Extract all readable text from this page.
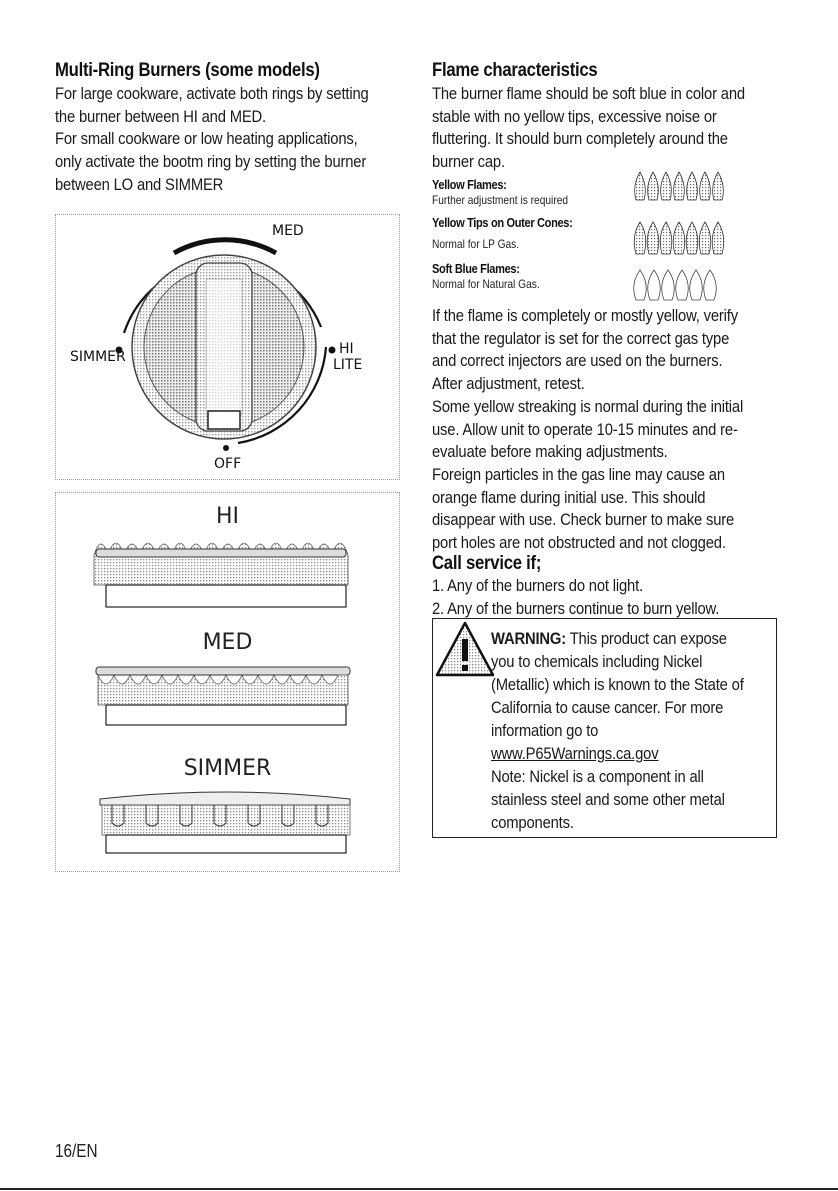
Multi-Ring Burners (some models)

For large cookware, activate both rings by setting

the burner between HI and MED.

For small cookware or low heating applications,

only activate the bootm ring by setting the burner

between LO and SIMMER

MED
SIMMER	HI
LITE
OFF
HI
MED
SIMMER
Flame characteristics

The burner flame should be soft blue in color and

stable with no yellow tips, excessive noise or

fluttering. It should burn completely around the

burner cap.

Yellow Flames:
Further adjustment is required
Yellow Tips on Outer Cones:
Normal for LP Gas.
Soft Blue Flames:
Normal for Natural Gas.

If the flame is completely or mostly yellow, verify

that the regulator is set for the correct gas type

and correct injectors are used on the burners.

After adjustment, retest.

Some yellow streaking is normal during the initial

use. Allow unit to operate 10-15 minutes and re-

evaluate before making adjustments.

Foreign particles in the gas line may cause an

orange flame during initial use. This should

disappear with use. Check burner to make sure

port holes are not obstructed and not clogged.

Call service if;

1. Any of the burners do not light.

2. Any of the burners continue to burn yellow.

WARNING: This product can expose

you to chemicals including Nickel

(Metallic) which is known to the State of

California to cause cancer. For more

information go to

www.P65Warnings.ca.gov

Note: Nickel is a component in all

stainless steel and some other metal

components.

16/EN
